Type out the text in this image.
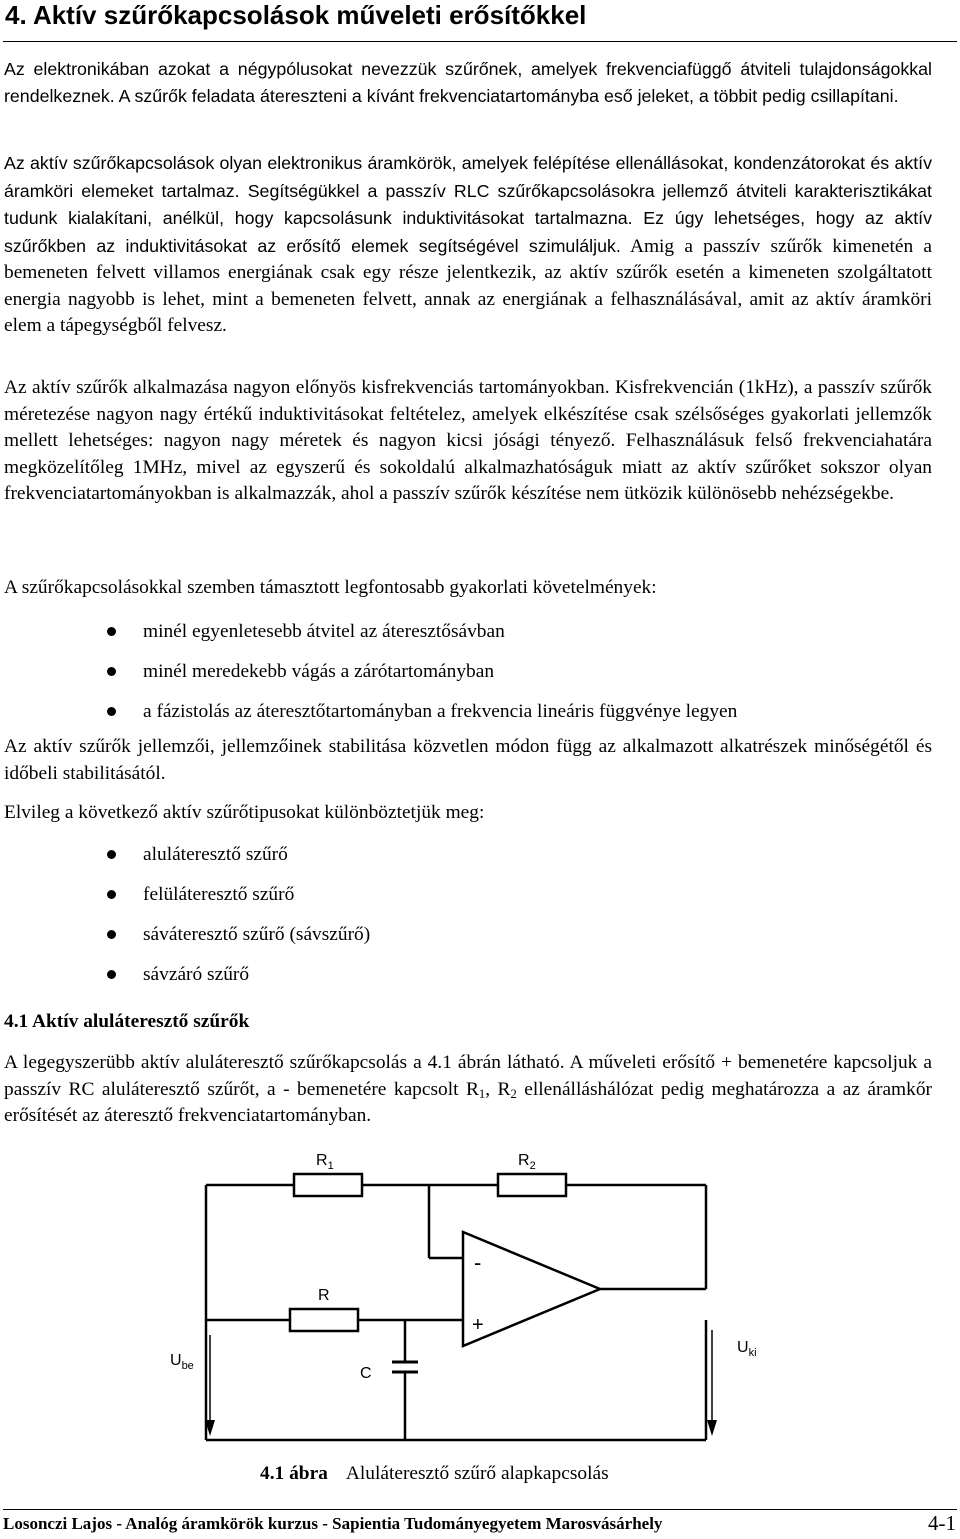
4. Aktív szűrőkapcsolások műveleti erősítőkkel

Az elektronikában azokat a négypólusokat nevezzük szűrőnek, amelyek frekvenciafüggő átviteli tulajdonságokkal rendelkeznek. A szűrők feladata átereszteni a kívánt frekvenciatartományba eső jeleket, a többit pedig csillapítani.

Az aktív szűrőkapcsolások olyan elektronikus áramkörök, amelyek felépítése ellenállásokat, kondenzátorokat és aktív áramköri elemeket tartalmaz. Segítségükkel a passzív RLC szűrőkapcsolásokra jellemző átviteli karakterisztikákat tudunk kialakítani, anélkül, hogy kapcsolásunk induktivitásokat tartalmazna. Ez úgy lehetséges, hogy az aktív szűrőkben az induktivitásokat az erősítő elemek segítségével szimuláljuk. Amig a passzív szűrők kimenetén a bemeneten felvett villamos energiának csak egy része jelentkezik, az aktív szűrők esetén a kimeneten szolgáltatott energia nagyobb is lehet, mint a bemeneten felvett, annak az energiának a felhasználásával, amit az aktív áramköri elem a tápegységből felvesz.

Az aktív szűrők alkalmazása nagyon előnyös kisfrekvenciás tartományokban. Kisfrekvencián (1kHz), a passzív szűrők méretezése nagyon nagy értékű induktivitásokat feltételez, amelyek elkészítése csak szélsőséges gyakorlati jellemzők mellett lehetséges: nagyon nagy méretek és nagyon kicsi jósági tényező. Felhasználásuk felső frekvenciahatára megközelítőleg 1MHz, mivel az egyszerű és sokoldalú alkalmazhatóságuk miatt az aktív szűrőket sokszor olyan frekvenciatartományokban is alkalmazzák, ahol a passzív szűrők készítése nem ütközik különösebb nehézségekbe.

A szűrőkapcsolásokkal szemben támasztott legfontosabb gyakorlati követelmények:

minél egyenletesebb átvitel az áteresztősávban
minél meredekebb vágás a zárótartományban
a fázistolás az áteresztőtartományban a frekvencia lineáris függvénye legyen

Az aktív szűrők jellemzői, jellemzőinek stabilitása közvetlen módon függ az alkalmazott alkatrészek minőségétől és időbeli stabilitásától.

Elvileg a következő aktív szűrőtipusokat különböztetjük meg:

aluláteresztő szűrő
felüláteresztő szűrő
sáváteresztő szűrő (sávszűrő)
sávzáró szűrő
4.1 Aktív aluláteresztő szűrők

A legegyszerübb aktív aluláteresztő szűrőkapcsolás a 4.1 ábrán látható. A műveleti erősítő + bemenetére kapcsoljuk a passzív RC aluláteresztő szűrőt, a - bemenetére kapcsolt $R_1$, $R_2$ ellenálláshálózat pedig meghatározza a az áramkőr erősítését az áteresztő frekvenciatartományban.

$R_1$	$R_2$
R
C
-
+
$U_{be}$
$U_{ki}$
4.1 ábra Aluláteresztő szűrő alapkapcsolás
Losonczi Lajos - Analóg áramkörök kurzus - Sapientia Tudományegyetem Marosvásárhely	4-1
